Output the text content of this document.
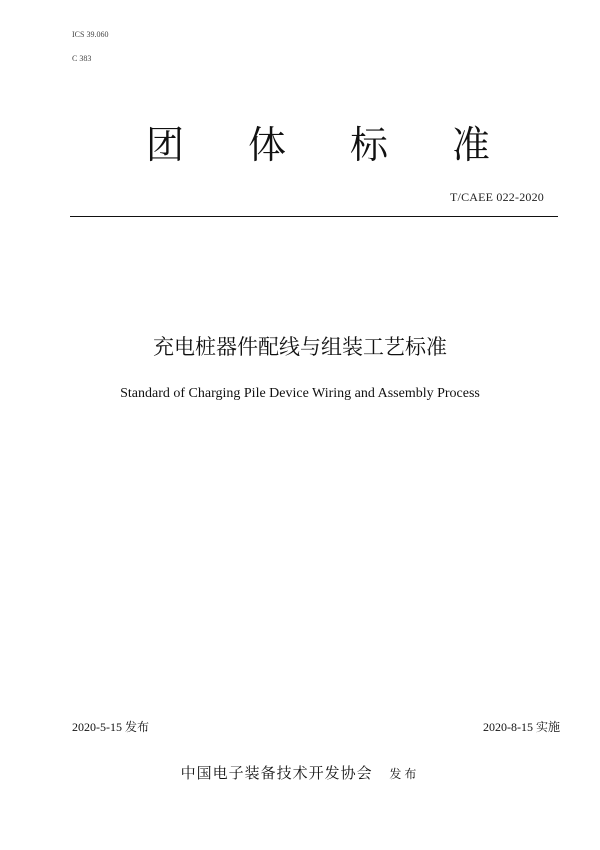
ICS 39.060
C 383
团 体 标 准
T/CAEE 022-2020
充电桩器件配线与组装工艺标准
Standard of Charging Pile Device Wiring and Assembly Process
2020-5-15 发布	2020-8-15 实施
中国电子装备技术开发协会 发布
